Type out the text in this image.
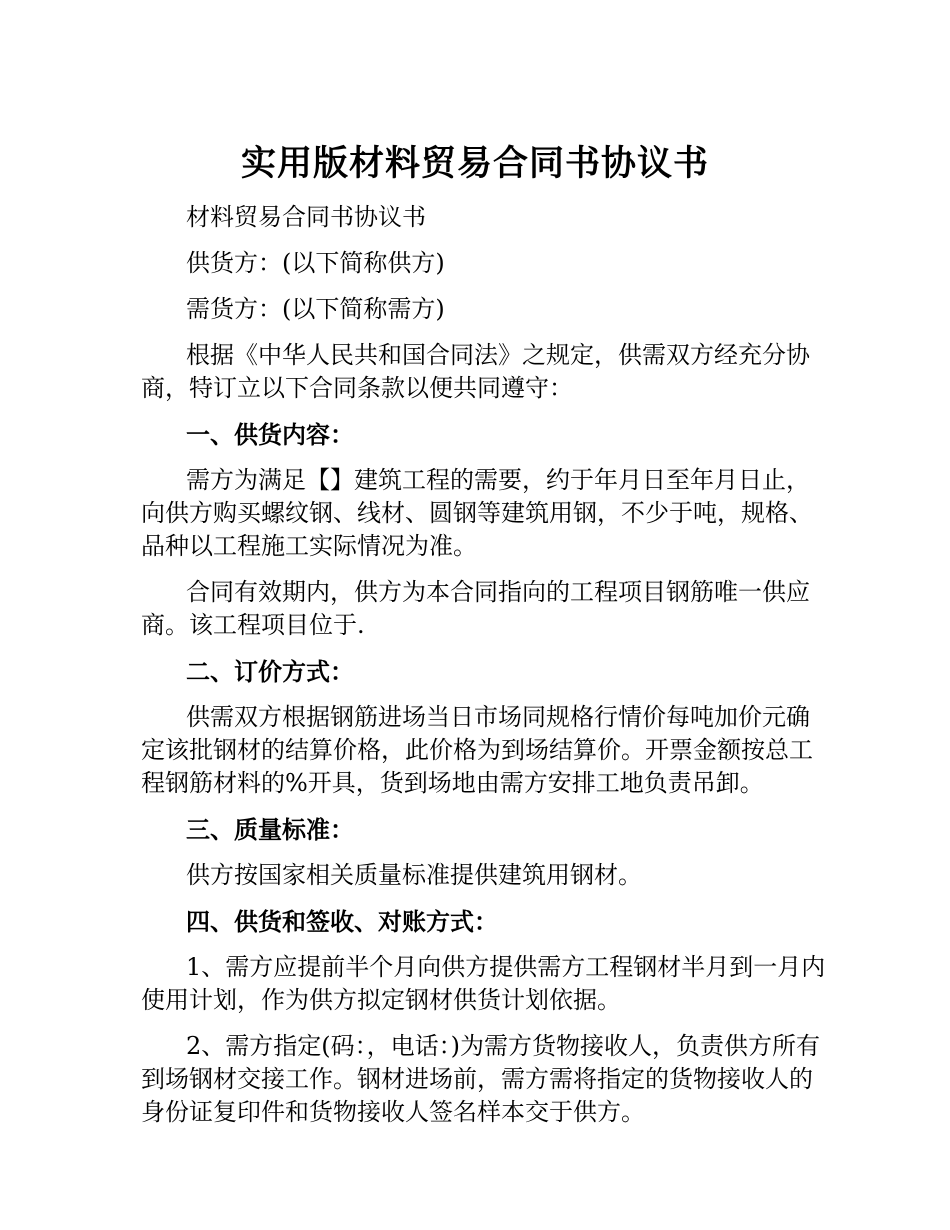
实用版材料贸易合同书协议书

材料贸易合同书协议书

供货方：(以下简称供方)

需货方：(以下简称需方)

根据《中华人民共和国合同法》之规定，供需双方经充分协商，特订立以下合同条款以便共同遵守：

一、供货内容：

需方为满足【】建筑工程的需要，约于年月日至年月日止，向供方购买螺纹钢、线材、圆钢等建筑用钢，不少于吨，规格、品种以工程施工实际情况为准。

合同有效期内，供方为本合同指向的工程项目钢筋唯一供应商。该工程项目位于.

二、订价方式：

供需双方根据钢筋进场当日市场同规格行情价每吨加价元确定该批钢材的结算价格，此价格为到场结算价。开票金额按总工程钢筋材料的%开具，货到场地由需方安排工地负责吊卸。

三、质量标准：

供方按国家相关质量标准提供建筑用钢材。

四、供货和签收、对账方式：

1、需方应提前半个月向供方提供需方工程钢材半月到一月内使用计划，作为供方拟定钢材供货计划依据。

2、需方指定(码：，电话：)为需方货物接收人，负责供方所有到场钢材交接工作。钢材进场前，需方需将指定的货物接收人的身份证复印件和货物接收人签名样本交于供方。
